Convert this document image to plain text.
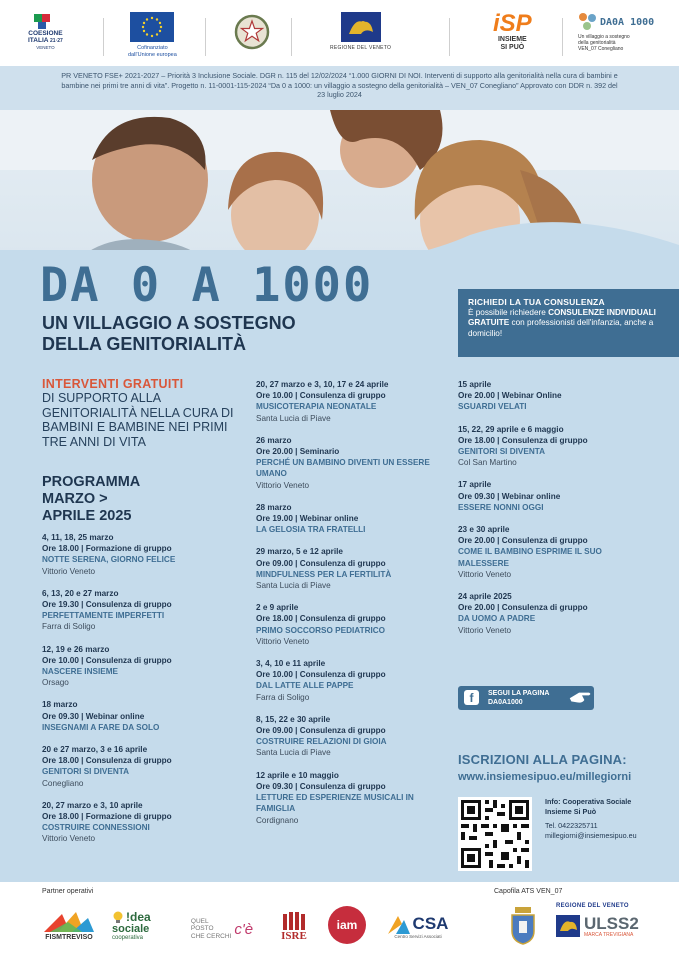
COESIONE
ITALIA 21·27
VENETO	Cofinanziato
dall'Unione europea
REGIONE DEL VENETO
iSP
INSIEME
SI PUÒ
DA0A 1000
Un villaggio a sostegno
della genitorialità
VEN_07 Conegliano
PR VENETO FSE+ 2021-2027 – Priorità 3 Inclusione Sociale. DGR n. 115 del 12/02/2024 “1.000 GIORNI DI NOI. Interventi di supporto alla genitorialità nella cura di bambini e bambine nei primi tre anni di vita”. Progetto n. 11-0001-115-2024 “Da 0 a 1000: un villaggio a sostegno della genitorialità – VEN_07 Conegliano” Approvato con DDR n. 392 del 23 luglio 2024
DA 0 A 1000
UN VILLAGGIO A SOSTEGNO
DELLA GENITORIALITÀ
RICHIEDI LA TUA CONSULENZA
È possibile richiedere CONSULENZE INDIVIDUALI GRATUITE con professionisti dell'infanzia, anche a domicilio!
INTERVENTI GRATUITI
DI SUPPORTO ALLA GENITORIALITÀ NELLA CURA DI BAMBINI E BAMBINE NEI PRIMI TRE ANNI DI VITA
PROGRAMMA
MARZO >
APRILE 2025
4, 11, 18, 25 marzo
Ore 18.00 | Formazione di gruppo
NOTTE SERENA, GIORNO FELICE
Vittorio Veneto
6, 13, 20 e 27 marzo
Ore 19.30 | Consulenza di gruppo
PERFETTAMENTE IMPERFETTI
Farra di Soligo
12, 19 e 26 marzo
Ore 10.00 | Consulenza di gruppo
NASCERE INSIEME
Orsago
18 marzo
Ore 09.30 | Webinar online
INSEGNAMI A FARE DA SOLO
20 e 27 marzo, 3 e 16 aprile
Ore 18.00 | Consulenza di gruppo
GENITORI SI DIVENTA
Conegliano
20, 27 marzo e 3, 10 aprile
Ore 18.00 | Formazione di gruppo
COSTRUIRE CONNESSIONI
Vittorio Veneto
20, 27 marzo e 3, 10, 17 e 24 aprile
Ore 10.00 | Consulenza di gruppo
MUSICOTERAPIA NEONATALE
Santa Lucia di Piave
26 marzo
Ore 20.00 | Seminario
PERCHÉ UN BAMBINO DIVENTI UN ESSERE UMANO
Vittorio Veneto
28 marzo
Ore 19.00 | Webinar online
LA GELOSIA TRA FRATELLI
29 marzo, 5 e 12 aprile
Ore 09.00 | Consulenza di gruppo
MINDFULNESS PER LA FERTILITÀ
Santa Lucia di Piave
2 e 9 aprile
Ore 18.00 | Consulenza di gruppo
PRIMO SOCCORSO PEDIATRICO
Vittorio Veneto
3, 4, 10 e 11 aprile
Ore 10.00 | Consulenza di gruppo
DAL LATTE ALLE PAPPE
Farra di Soligo
8, 15, 22 e 30 aprile
Ore 09.00 | Consulenza di gruppo
COSTRUIRE RELAZIONI DI GIOIA
Santa Lucia di Piave
12 aprile e 10 maggio
Ore 09.30 | Consulenza di gruppo
LETTURE ED ESPERIENZE MUSICALI IN FAMIGLIA
Cordignano
15 aprile
Ore 20.00 | Webinar Online
SGUARDI VELATI
15, 22, 29 aprile e 6 maggio
Ore 18.00 | Consulenza di gruppo
GENITORI SI DIVENTA
Col San Martino
17 aprile
Ore 09.30 | Webinar online
ESSERE NONNI OGGI
23 e 30 aprile
Ore 20.00 | Consulenza di gruppo
COME IL BAMBINO ESPRIME IL SUO MALESSERE
Vittorio Veneto
24 aprile 2025
Ore 20.00 | Consulenza di gruppo
DA UOMO A PADRE
Vittorio Veneto
f	SEGUI LA PAGINA
DA0A1000
ISCRIZIONI ALLA PAGINA:
www.insiemesipuo.eu/millegiorni
Info: Cooperativa Sociale
Insieme Si Può
Tel. 0422325711
millegiorni@insiemesipuo.eu
Partner operativi	Capofila ATS VEN_07
FISMTREVISO
!dea
sociale
cooperativa
QUEL
POSTO
CHE CERCHI c'è	ISRE
iam	CSA
Centro Servizi Associati
REGIONE DEL VENETO
ULSS2
MARCA TREVIGIANA
